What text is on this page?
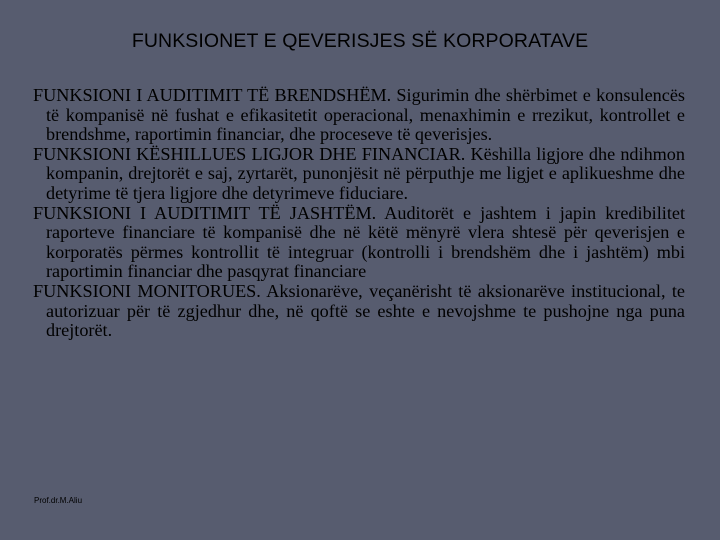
FUNKSIONET E QEVERISJES SË KORPORATAVE

FUNKSIONI I AUDITIMIT TË BRENDSHËM. Sigurimin dhe shërbimet e konsulencës të kompanisë në fushat e efikasitetit operacional, menaxhimin e rrezikut, kontrollet e brendshme, raportimin financiar, dhe proceseve të qeverisjes.

FUNKSIONI KËSHILLUES LIGJOR DHE FINANCIAR. Këshilla ligjore dhe ndihmon kompanin, drejtorët e saj, zyrtarët, punonjësit në përputhje me ligjet e aplikueshme dhe detyrime të tjera ligjore dhe detyrimeve fiduciare.

FUNKSIONI I AUDITIMIT TË JASHTËM. Auditorët e jashtem i japin kredibilitet raporteve financiare të kompanisë dhe në këtë mënyrë vlera shtesë për qeverisjen e korporatës përmes kontrollit të integruar (kontrolli i brendshëm dhe i jashtëm) mbi raportimin financiar dhe pasqyrat financiare

FUNKSIONI MONITORUES. Aksionarëve, veçanërisht të aksionarëve institucional, te autorizuar për të zgjedhur dhe, në qoftë se eshte e nevojshme te pushojne nga puna drejtorët.

Prof.dr.M.Aliu
